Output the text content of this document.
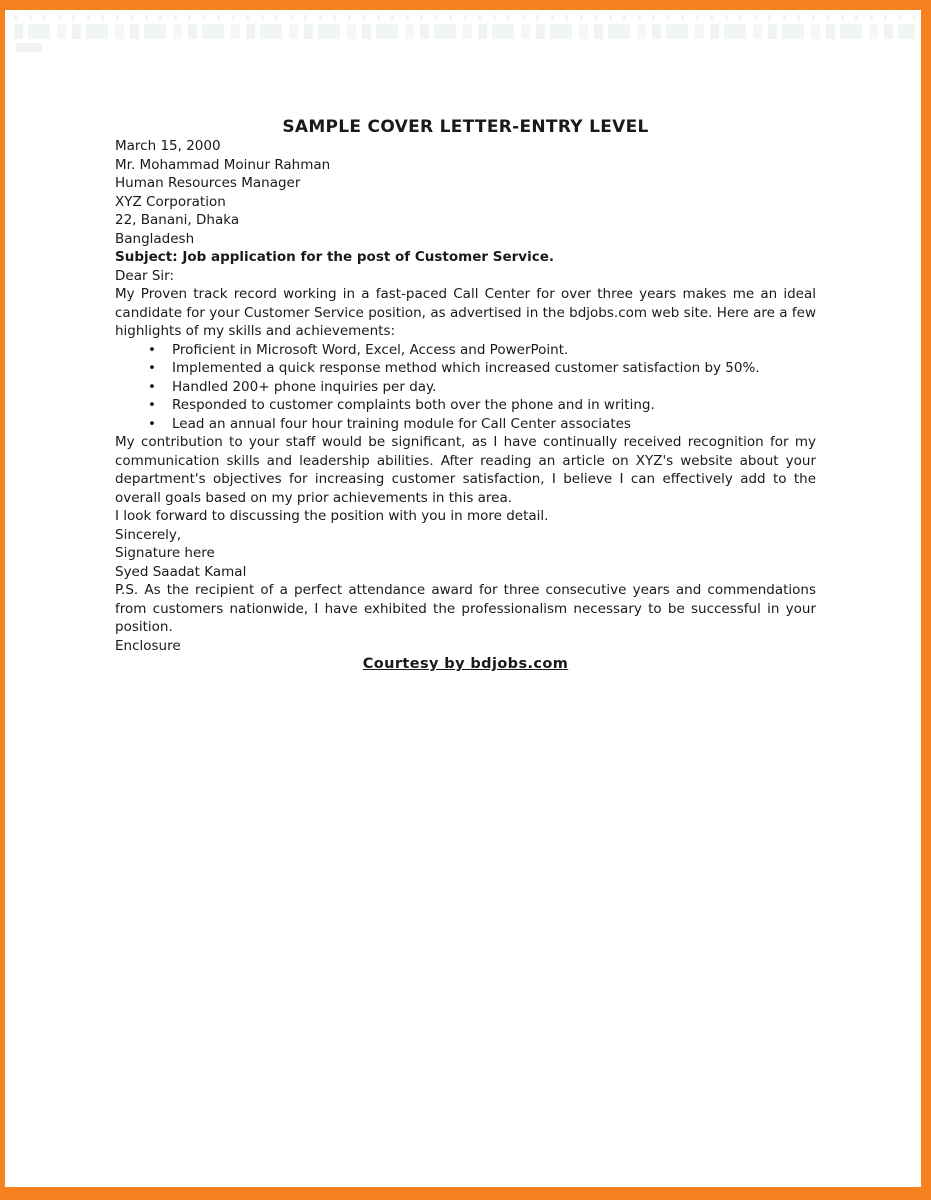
SAMPLE COVER LETTER-ENTRY LEVEL

March 15, 2000

Mr. Mohammad Moinur Rahman
Human Resources Manager
XYZ Corporation
22, Banani, Dhaka
Bangladesh

Subject: Job application for the post of Customer Service.

Dear Sir:

My Proven track record working in a fast-paced Call Center for over three years makes me an ideal candidate for your Customer Service position, as advertised in the bdjobs.com web site. Here are a few highlights of my skills and achievements:

• Proficient in Microsoft Word, Excel, Access and PowerPoint.
• Implemented a quick response method which increased customer satisfaction by 50%.
• Handled 200+ phone inquiries per day.
• Responded to customer complaints both over the phone and in writing.
• Lead an annual four hour training module for Call Center associates

My contribution to your staff would be significant, as I have continually received recognition for my communication skills and leadership abilities. After reading an article on XYZ's website about your department's objectives for increasing customer satisfaction, I believe I can effectively add to the overall goals based on my prior achievements in this area.

I look forward to discussing the position with you in more detail.

Sincerely,

Signature here
Syed Saadat Kamal

P.S. As the recipient of a perfect attendance award for three consecutive years and commendations from customers nationwide, I have exhibited the professionalism necessary to be successful in your position.

Enclosure

Courtesy by bdjobs.com
